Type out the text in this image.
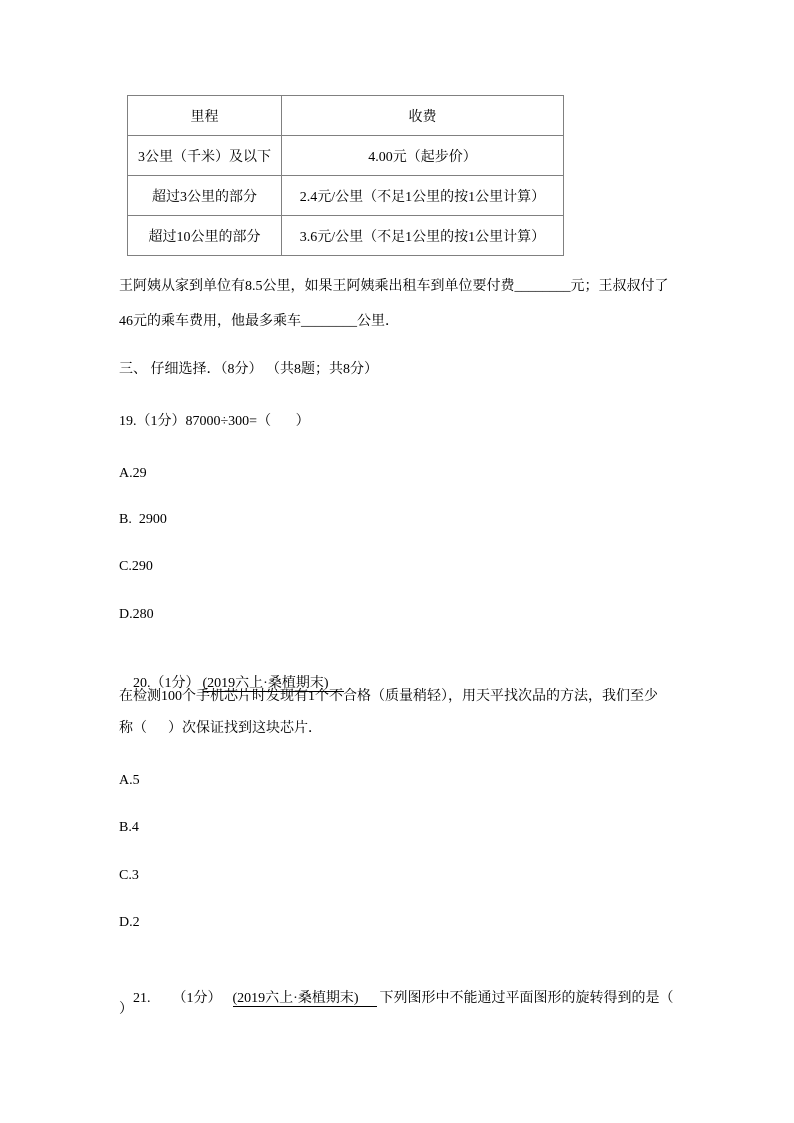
里程	收费
3公里（千米）及以下	4.00元（起步价）
超过3公里的部分	2.4元/公里（不足1公里的按1公里计算）
超过10公里的部分	3.6元/公里（不足1公里的按1公里计算）
王阿姨从家到单位有8.5公里，如果王阿姨乘出租车到单位要付费________元；王叔叔付了
46元的乘车费用，他最多乘车________公里．
三、 仔细选择．（8分） （共8题；共8分）
19.（1分）87000÷300=（       ）
A.29
B.  2900
C.290
D.280

20.（1分） (2019六上·桑植期末)

在检测100个手机芯片时发现有1个不合格（质量稍轻），用天平找次品的方法，我们至少
称（      ）次保证找到这块芯片．
A.5
B.4
C.3
D.2

21. （1分） (2019六上·桑植期末) 下列图形中不能通过平面图形的旋转得到的是（

）
